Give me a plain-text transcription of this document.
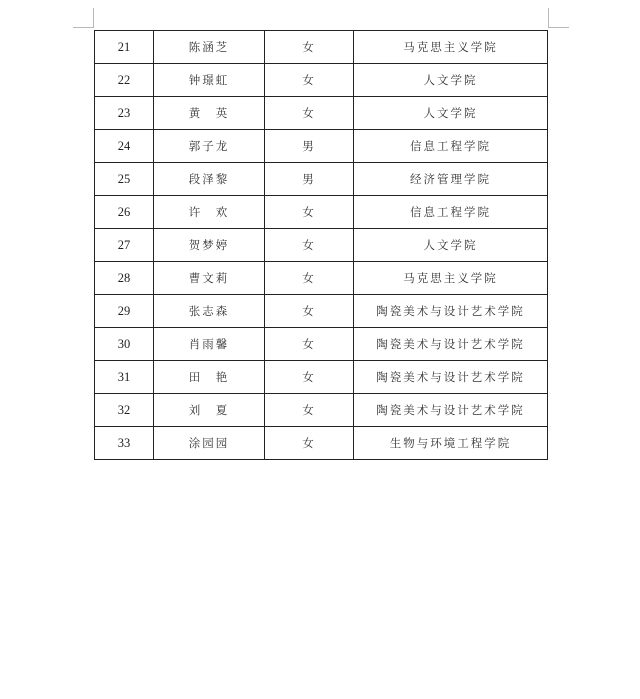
21	陈涵芝	女	马克思主义学院
22	钟璟虹	女	人文学院
23	黄　英	女	人文学院
24	郭子龙	男	信息工程学院
25	段泽黎	男	经济管理学院
26	许　欢	女	信息工程学院
27	贺梦婷	女	人文学院
28	曹文莉	女	马克思主义学院
29	张志森	女	陶瓷美术与设计艺术学院
30	肖雨馨	女	陶瓷美术与设计艺术学院
31	田　艳	女	陶瓷美术与设计艺术学院
32	刘　夏	女	陶瓷美术与设计艺术学院
33	涂园园	女	生物与环境工程学院
